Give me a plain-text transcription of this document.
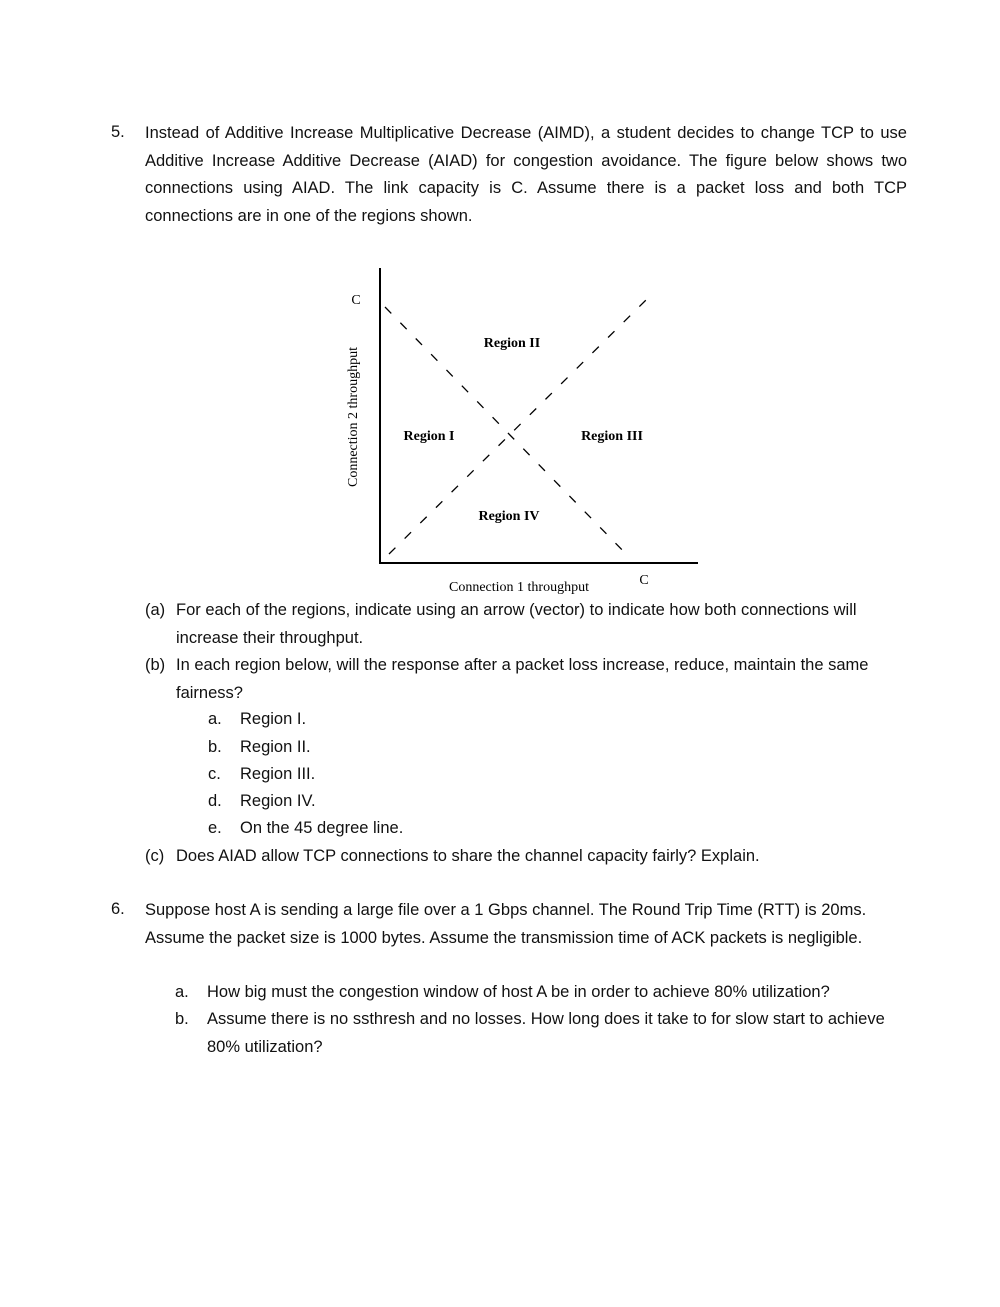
5. Instead of Additive Increase Multiplicative Decrease (AIMD), a student decides to change TCP to use Additive Increase Additive Decrease (AIAD) for congestion avoidance. The figure below shows two connections using AIAD. The link capacity is C. Assume there is a packet loss and both TCP connections are in one of the regions shown.
C
C
Connection 2 throughput
Connection 1 throughput
Region I
Region II
Region III
Region IV
(a) For each of the regions, indicate using an arrow (vector) to indicate how both connections will increase their throughput.
(b) In each region below, will the response after a packet loss increase, reduce, maintain the same fairness?
a. Region I.
b. Region II.
c. Region III.
d. Region IV.
e. On the 45 degree line.
(c) Does AIAD allow TCP connections to share the channel capacity fairly? Explain.
6. Suppose host A is sending a large file over a 1 Gbps channel. The Round Trip Time (RTT) is 20ms. Assume the packet size is 1000 bytes. Assume the transmission time of ACK packets is negligible.
a. How big must the congestion window of host A be in order to achieve 80% utilization?
b. Assume there is no ssthresh and no losses. How long does it take to for slow start to achieve 80% utilization?
